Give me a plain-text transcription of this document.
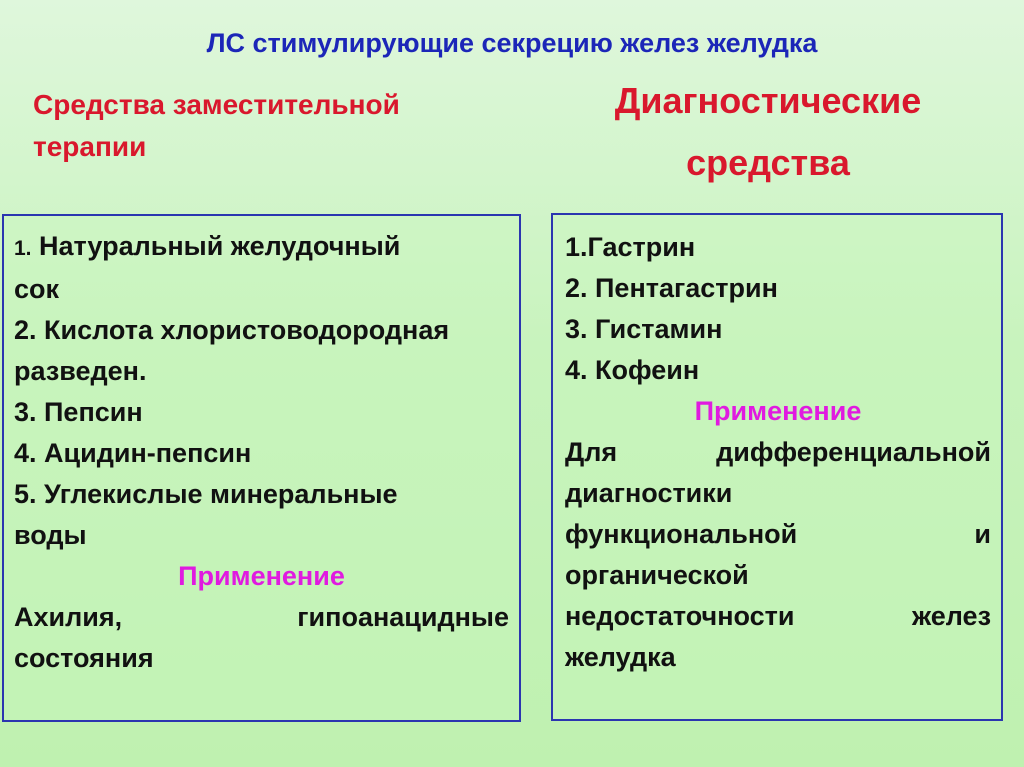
ЛС стимулирующие секрецию желез желудка
Средства заместительной
терапии
Диагностические
средства
1. Натуральный желудочный
сок
2. Кислота хлористоводородная
разведен.
3. Пепсин
4. Ацидин-пепсин
5. Углекислые минеральные
воды
Применение
Ахилия,	гипоанацидные
состояния
1.Гастрин
2. Пентагастрин
3. Гистамин
4. Кофеин
Применение
Для	дифференциальной
диагностики
функциональной	и
органической
недостаточности	желез
желудка
